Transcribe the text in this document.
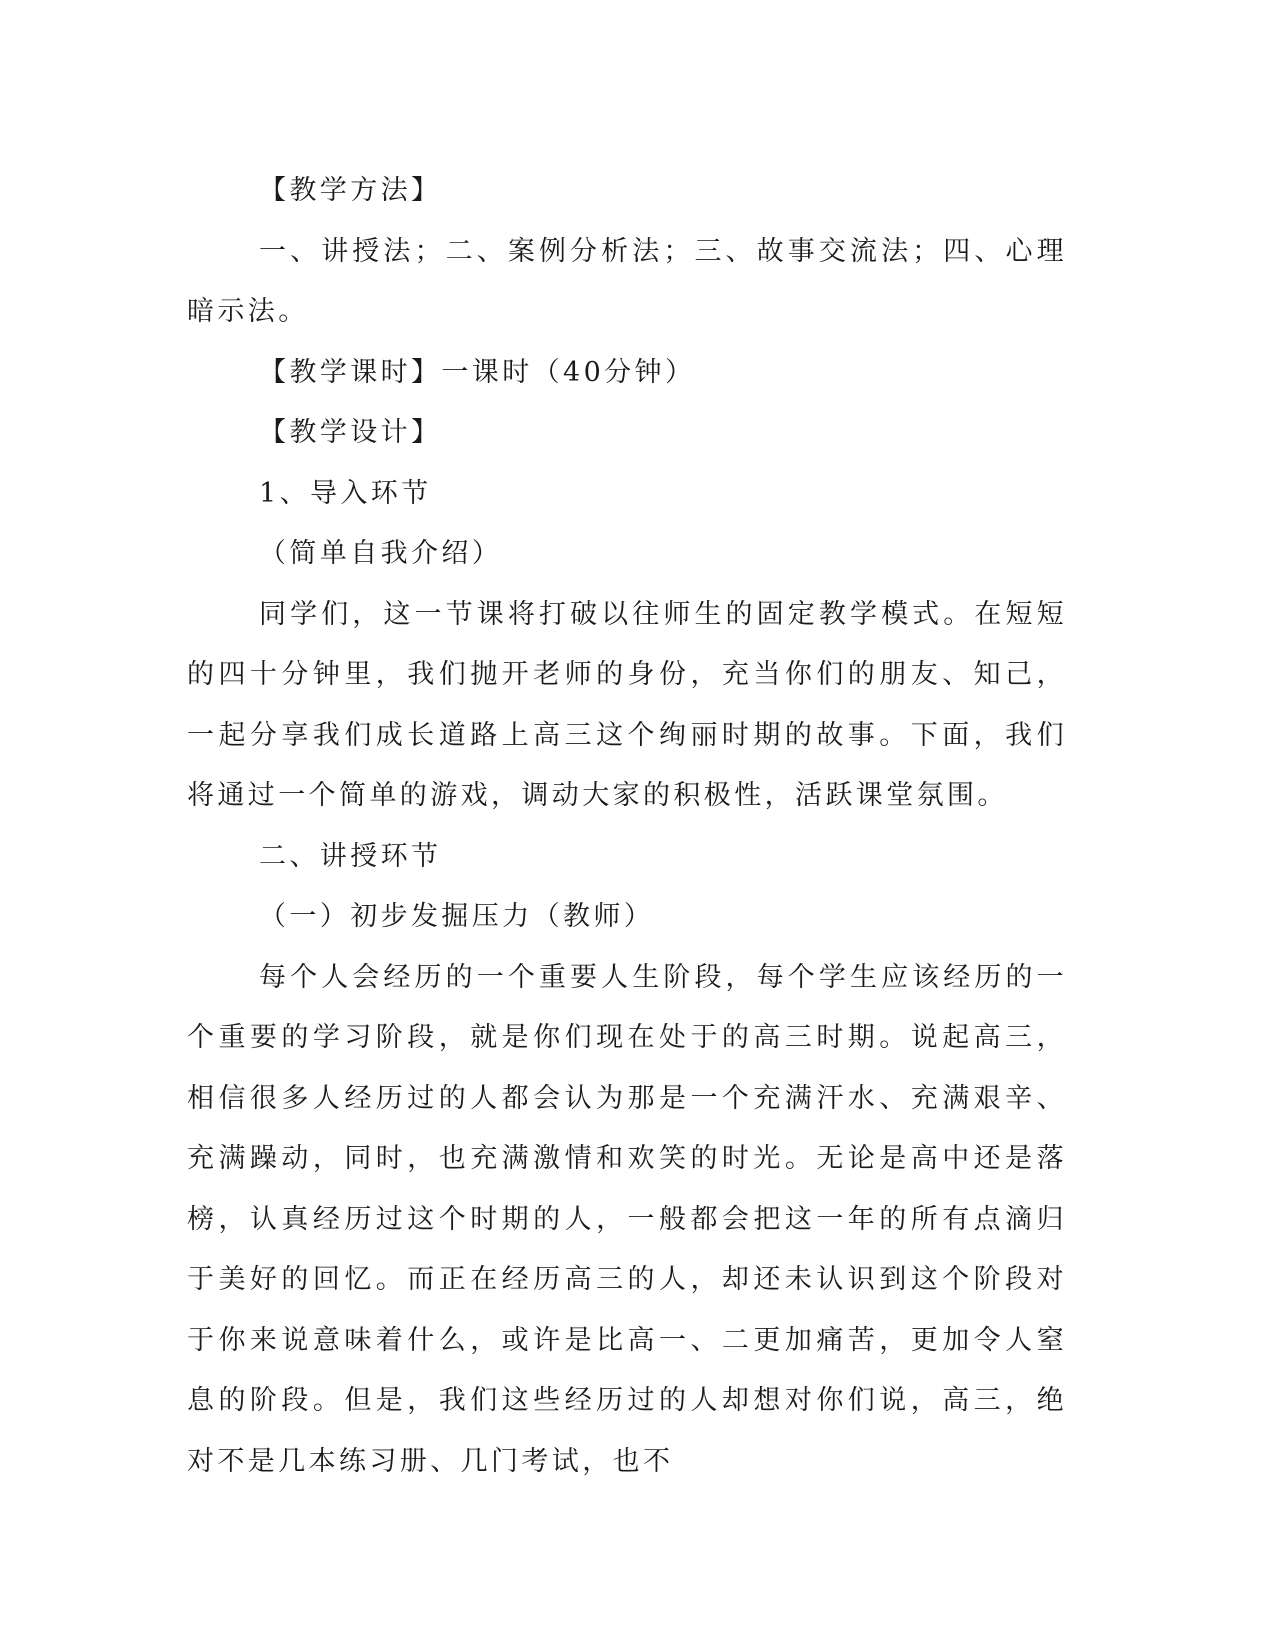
【教学方法】

一、讲授法；二、案例分析法；三、故事交流法；四、心理暗示法。

【教学课时】一课时（40分钟）

【教学设计】

1、导入环节

（简单自我介绍）

同学们，这一节课将打破以往师生的固定教学模式。在短短的四十分钟里，我们抛开老师的身份，充当你们的朋友、知己，一起分享我们成长道路上高三这个绚丽时期的故事。下面，我们将通过一个简单的游戏，调动大家的积极性，活跃课堂氛围。

二、讲授环节

（一）初步发掘压力（教师）

每个人会经历的一个重要人生阶段，每个学生应该经历的一个重要的学习阶段，就是你们现在处于的高三时期。说起高三，相信很多人经历过的人都会认为那是一个充满汗水、充满艰辛、充满躁动，同时，也充满激情和欢笑的时光。无论是高中还是落榜，认真经历过这个时期的人，一般都会把这一年的所有点滴归于美好的回忆。而正在经历高三的人，却还未认识到这个阶段对于你来说意味着什么，或许是比高一、二更加痛苦，更加令人窒息的阶段。但是，我们这些经历过的人却想对你们说，高三，绝对不是几本练习册、几门考试，也不
